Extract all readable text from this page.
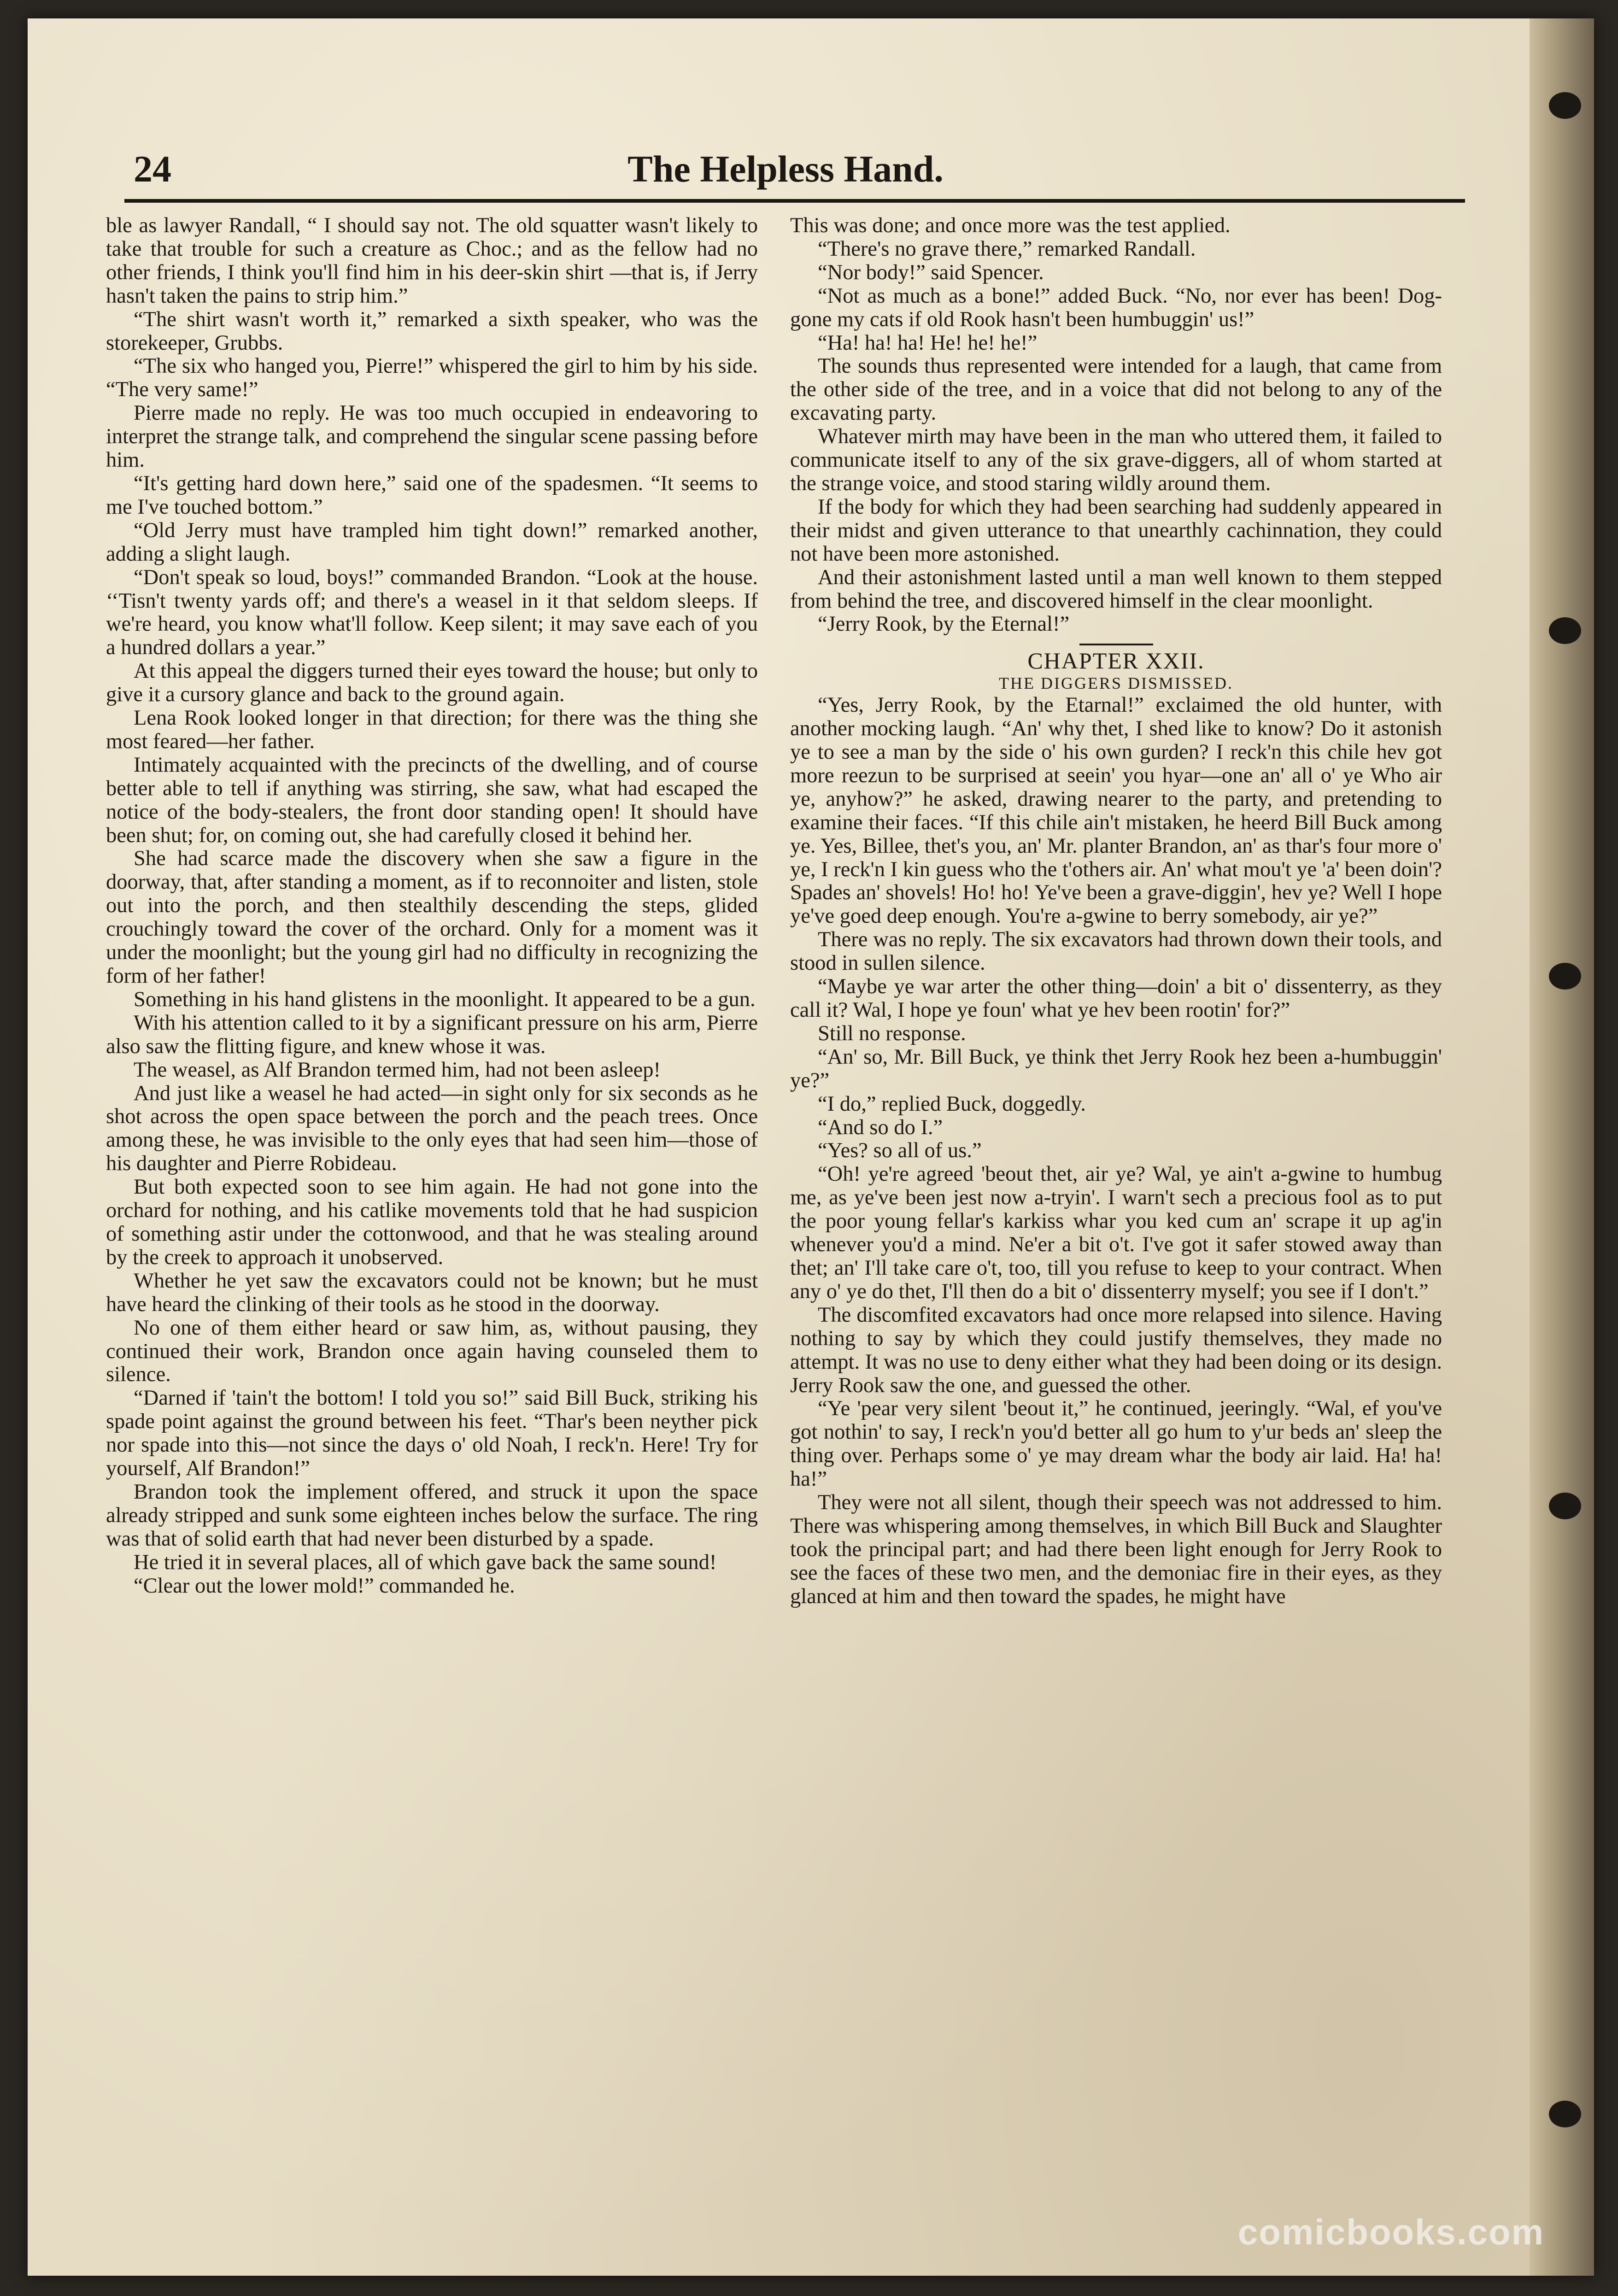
24	The Helpless Hand.

ble as lawyer Randall, “ I should say not. The old squatter wasn't likely to take that trouble for such a creature as Choc.; and as the fellow had no other friends, I think you'll find him in his deer-skin shirt —that is, if Jerry hasn't taken the pains to strip him.”

“The shirt wasn't worth it,” remarked a sixth speaker, who was the storekeeper, Grubbs.

“The six who hanged you, Pierre!” whispered the girl to him by his side. “The very same!”

Pierre made no reply. He was too much occupied in endeavoring to interpret the strange talk, and comprehend the singular scene passing before him.

“It's getting hard down here,” said one of the spadesmen. “It seems to me I've touched bottom.”

“Old Jerry must have trampled him tight down!” remarked another, adding a slight laugh.

“Don't speak so loud, boys!” commanded Brandon. “Look at the house. ‘‘Tisn't twenty yards off; and there's a weasel in it that seldom sleeps. If we're heard, you know what'll follow. Keep silent; it may save each of you a hundred dollars a year.”

At this appeal the diggers turned their eyes toward the house; but only to give it a cursory glance and back to the ground again.

Lena Rook looked longer in that direction; for there was the thing she most feared—her father.

Intimately acquainted with the precincts of the dwelling, and of course better able to tell if anything was stirring, she saw, what had escaped the notice of the body-stealers, the front door standing open! It should have been shut; for, on coming out, she had carefully closed it behind her.

She had scarce made the discovery when she saw a figure in the doorway, that, after standing a moment, as if to reconnoiter and listen, stole out into the porch, and then stealthily descending the steps, glided crouchingly toward the cover of the orchard. Only for a moment was it under the moonlight; but the young girl had no difficulty in recognizing the form of her father!

Something in his hand glistens in the moonlight. It appeared to be a gun.

With his attention called to it by a significant pressure on his arm, Pierre also saw the flitting figure, and knew whose it was.

The weasel, as Alf Brandon termed him, had not been asleep!

And just like a weasel he had acted—in sight only for six seconds as he shot across the open space between the porch and the peach trees. Once among these, he was invisible to the only eyes that had seen him—those of his daughter and Pierre Robideau.

But both expected soon to see him again. He had not gone into the orchard for nothing, and his catlike movements told that he had suspicion of something astir under the cottonwood, and that he was stealing around by the creek to approach it unobserved.

Whether he yet saw the excavators could not be known; but he must have heard the clinking of their tools as he stood in the doorway.

No one of them either heard or saw him, as, without pausing, they continued their work, Brandon once again having counseled them to silence.

“Darned if 'tain't the bottom! I told you so!” said Bill Buck, striking his spade point against the ground between his feet. “Thar's been neyther pick nor spade into this—not since the days o' old Noah, I reck'n. Here! Try for yourself, Alf Brandon!”

Brandon took the implement offered, and struck it upon the space already stripped and sunk some eighteen inches below the surface. The ring was that of solid earth that had never been disturbed by a spade.

He tried it in several places, all of which gave back the same sound!

“Clear out the lower mold!” commanded he.

This was done; and once more was the test applied.

“There's no grave there,” remarked Randall.

“Nor body!” said Spencer.

“Not as much as a bone!” added Buck. “No, nor ever has been! Dog-gone my cats if old Rook hasn't been humbuggin' us!”

“Ha! ha! ha! He! he! he!”

The sounds thus represented were intended for a laugh, that came from the other side of the tree, and in a voice that did not belong to any of the excavating party.

Whatever mirth may have been in the man who uttered them, it failed to communicate itself to any of the six grave-diggers, all of whom started at the strange voice, and stood staring wildly around them.

If the body for which they had been searching had suddenly appeared in their midst and given utterance to that unearthly cachinnation, they could not have been more astonished.

And their astonishment lasted until a man well known to them stepped from behind the tree, and discovered himself in the clear moonlight.

“Jerry Rook, by the Eternal!”

CHAPTER XXII.

THE DIGGERS DISMISSED.

“Yes, Jerry Rook, by the Etarnal!” exclaimed the old hunter, with another mocking laugh. “An' why thet, I shed like to know? Do it astonish ye to see a man by the side o' his own gurden? I reck'n this chile hev got more reezun to be surprised at seein' you hyar—one an' all o' ye Who air ye, anyhow?” he asked, drawing nearer to the party, and pretending to examine their faces. “If this chile ain't mistaken, he heerd Bill Buck among ye. Yes, Billee, thet's you, an' Mr. planter Brandon, an' as thar's four more o' ye, I reck'n I kin guess who the t'others air. An' what mou't ye 'a' been doin'? Spades an' shovels! Ho! ho! Ye've been a grave-diggin', hev ye? Well I hope ye've goed deep enough. You're a-gwine to berry somebody, air ye?”

There was no reply. The six excavators had thrown down their tools, and stood in sullen silence.

“Maybe ye war arter the other thing—doin' a bit o' dissenterry, as they call it? Wal, I hope ye foun' what ye hev been rootin' for?”

Still no response.

“An' so, Mr. Bill Buck, ye think thet Jerry Rook hez been a-humbuggin' ye?”

“I do,” replied Buck, doggedly.

“And so do I.”

“Yes? so all of us.”

“Oh! ye're agreed 'beout thet, air ye? Wal, ye ain't a-gwine to humbug me, as ye've been jest now a-tryin'. I warn't sech a precious fool as to put the poor young fellar's karkiss whar you ked cum an' scrape it up ag'in whenever you'd a mind. Ne'er a bit o't. I've got it safer stowed away than thet; an' I'll take care o't, too, till you refuse to keep to your contract. When any o' ye do thet, I'll then do a bit o' dissenterry myself; you see if I don't.”

The discomfited excavators had once more relapsed into silence. Having nothing to say by which they could justify themselves, they made no attempt. It was no use to deny either what they had been doing or its design. Jerry Rook saw the one, and guessed the other.

“Ye 'pear very silent 'beout it,” he continued, jeeringly. “Wal, ef you've got nothin' to say, I reck'n you'd better all go hum to y'ur beds an' sleep the thing over. Perhaps some o' ye may dream whar the body air laid. Ha! ha! ha!”

They were not all silent, though their speech was not addressed to him. There was whispering among themselves, in which Bill Buck and Slaughter took the principal part; and had there been light enough for Jerry Rook to see the faces of these two men, and the demoniac fire in their eyes, as they glanced at him and then toward the spades, he might have

comicbooks.com
